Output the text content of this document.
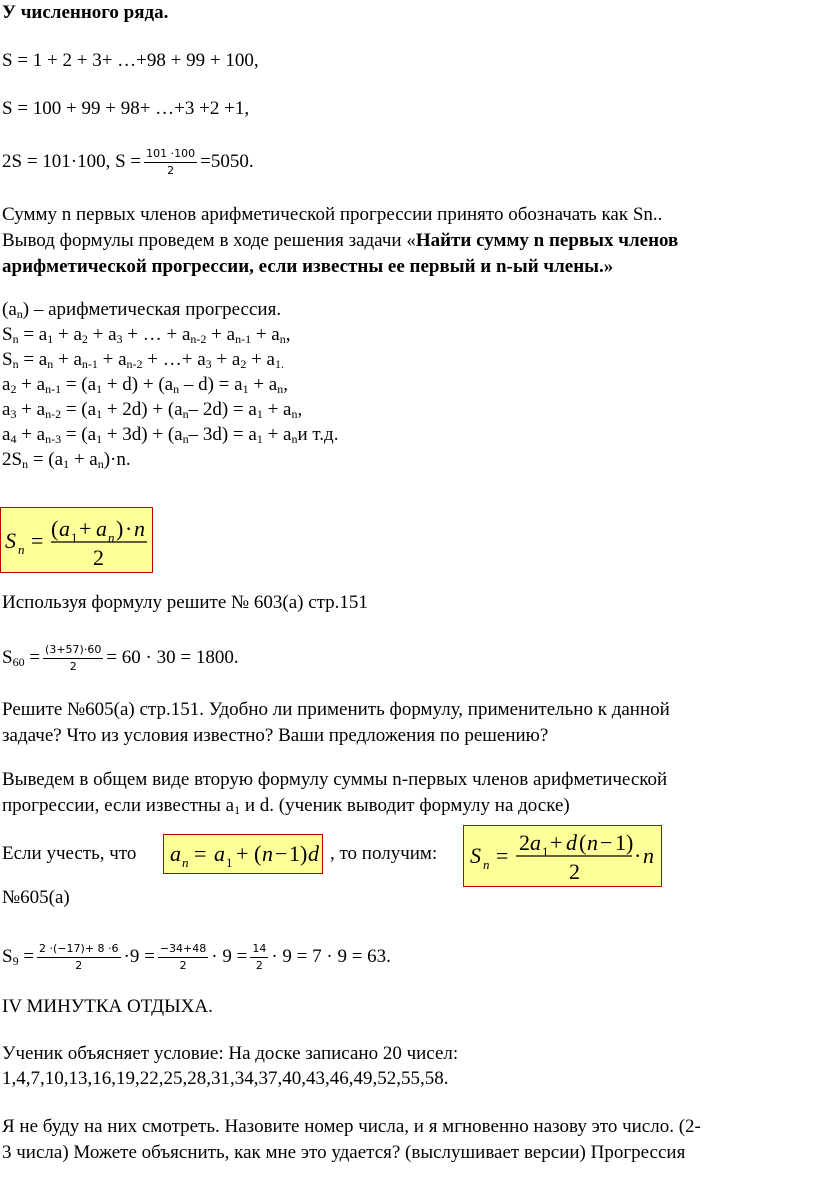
У численного ряда.
S = 1 + 2 + 3+ …+98 + 99 + 100,
S = 100 + 99 + 98+ …+3 +2 +1,
2S = 101·100, $S = \frac{101 \cdot 100}{2} =5050$.
Сумму n первых членов арифметической прогрессии принято обозначать как Sn..
Вывод формулы проведем в ходе решения задачи «Найти сумму n первых членов
арифметической прогрессии, если известны ее первый и n-ый члены.»
$(a_n)$ – арифметическая прогрессия.
$S_n = a_1 + a_2 + a_3$ + … + $a_{n-2} + a_{n-1} + a_n$,
$S_n = a_n + a_{n-1} + a_{n-2}$ + …+ $a_3 + a_2 + a_{1.}$
$a_2 + a_{n-1} = (a_1 + d) + (a_n - d) = a_1 + a_n$,
$a_3 + a_{n-2} = (a_1 + 2d) + (a_n-$ $2d) = a_1 + a_n$,
$a_4 + a_{n-3} = (a_1 + 3d) + (a_n-$ $3d) = a_1 + a_nи$ т.д.
$2S_n = (a_1 + a_n)\cdot n$.
S n = ( a 1 + a n ) · n
2
Используя формулу решите № 603(а) стр.151
$S_{60} = \frac{(3+57)\cdot 60}{2} = 60 \cdot 30 = 1800$.
Решите №605(а) стр.151. Удобно ли применить формулу, применительно к данной
задаче? Что из условия известно? Ваши предложения по решению?
Выведем в общем виде вторую формулу суммы n-первых членов арифметической
прогрессии, если известны $a_1$ и d. (ученик выводит формулу на доске)
Если учесть, что a n = a 1 + ( n − 1 ) d , то получим: S n =
2 a 1 + d ( n − 1 )
2
· n
№605(а)
$S_9 = \frac{2 \cdot(-17)+ 8 \cdot 6}{2} \cdot 9 = \frac{-34+48}{2} \cdot 9 = \frac{14}{2} \cdot 9 = 7 \cdot 9 = 63$.
IV МИНУТКА ОТДЫХА.
Ученик объясняет условие: На доске записано 20 чисел:
1,4,7,10,13,16,19,22,25,28,31,34,37,40,43,46,49,52,55,58.
Я не буду на них смотреть. Назовите номер числа, и я мгновенно назову это число. (2-
3 числа) Можете объяснить, как мне это удается? (выслушивает версии) Прогрессия
